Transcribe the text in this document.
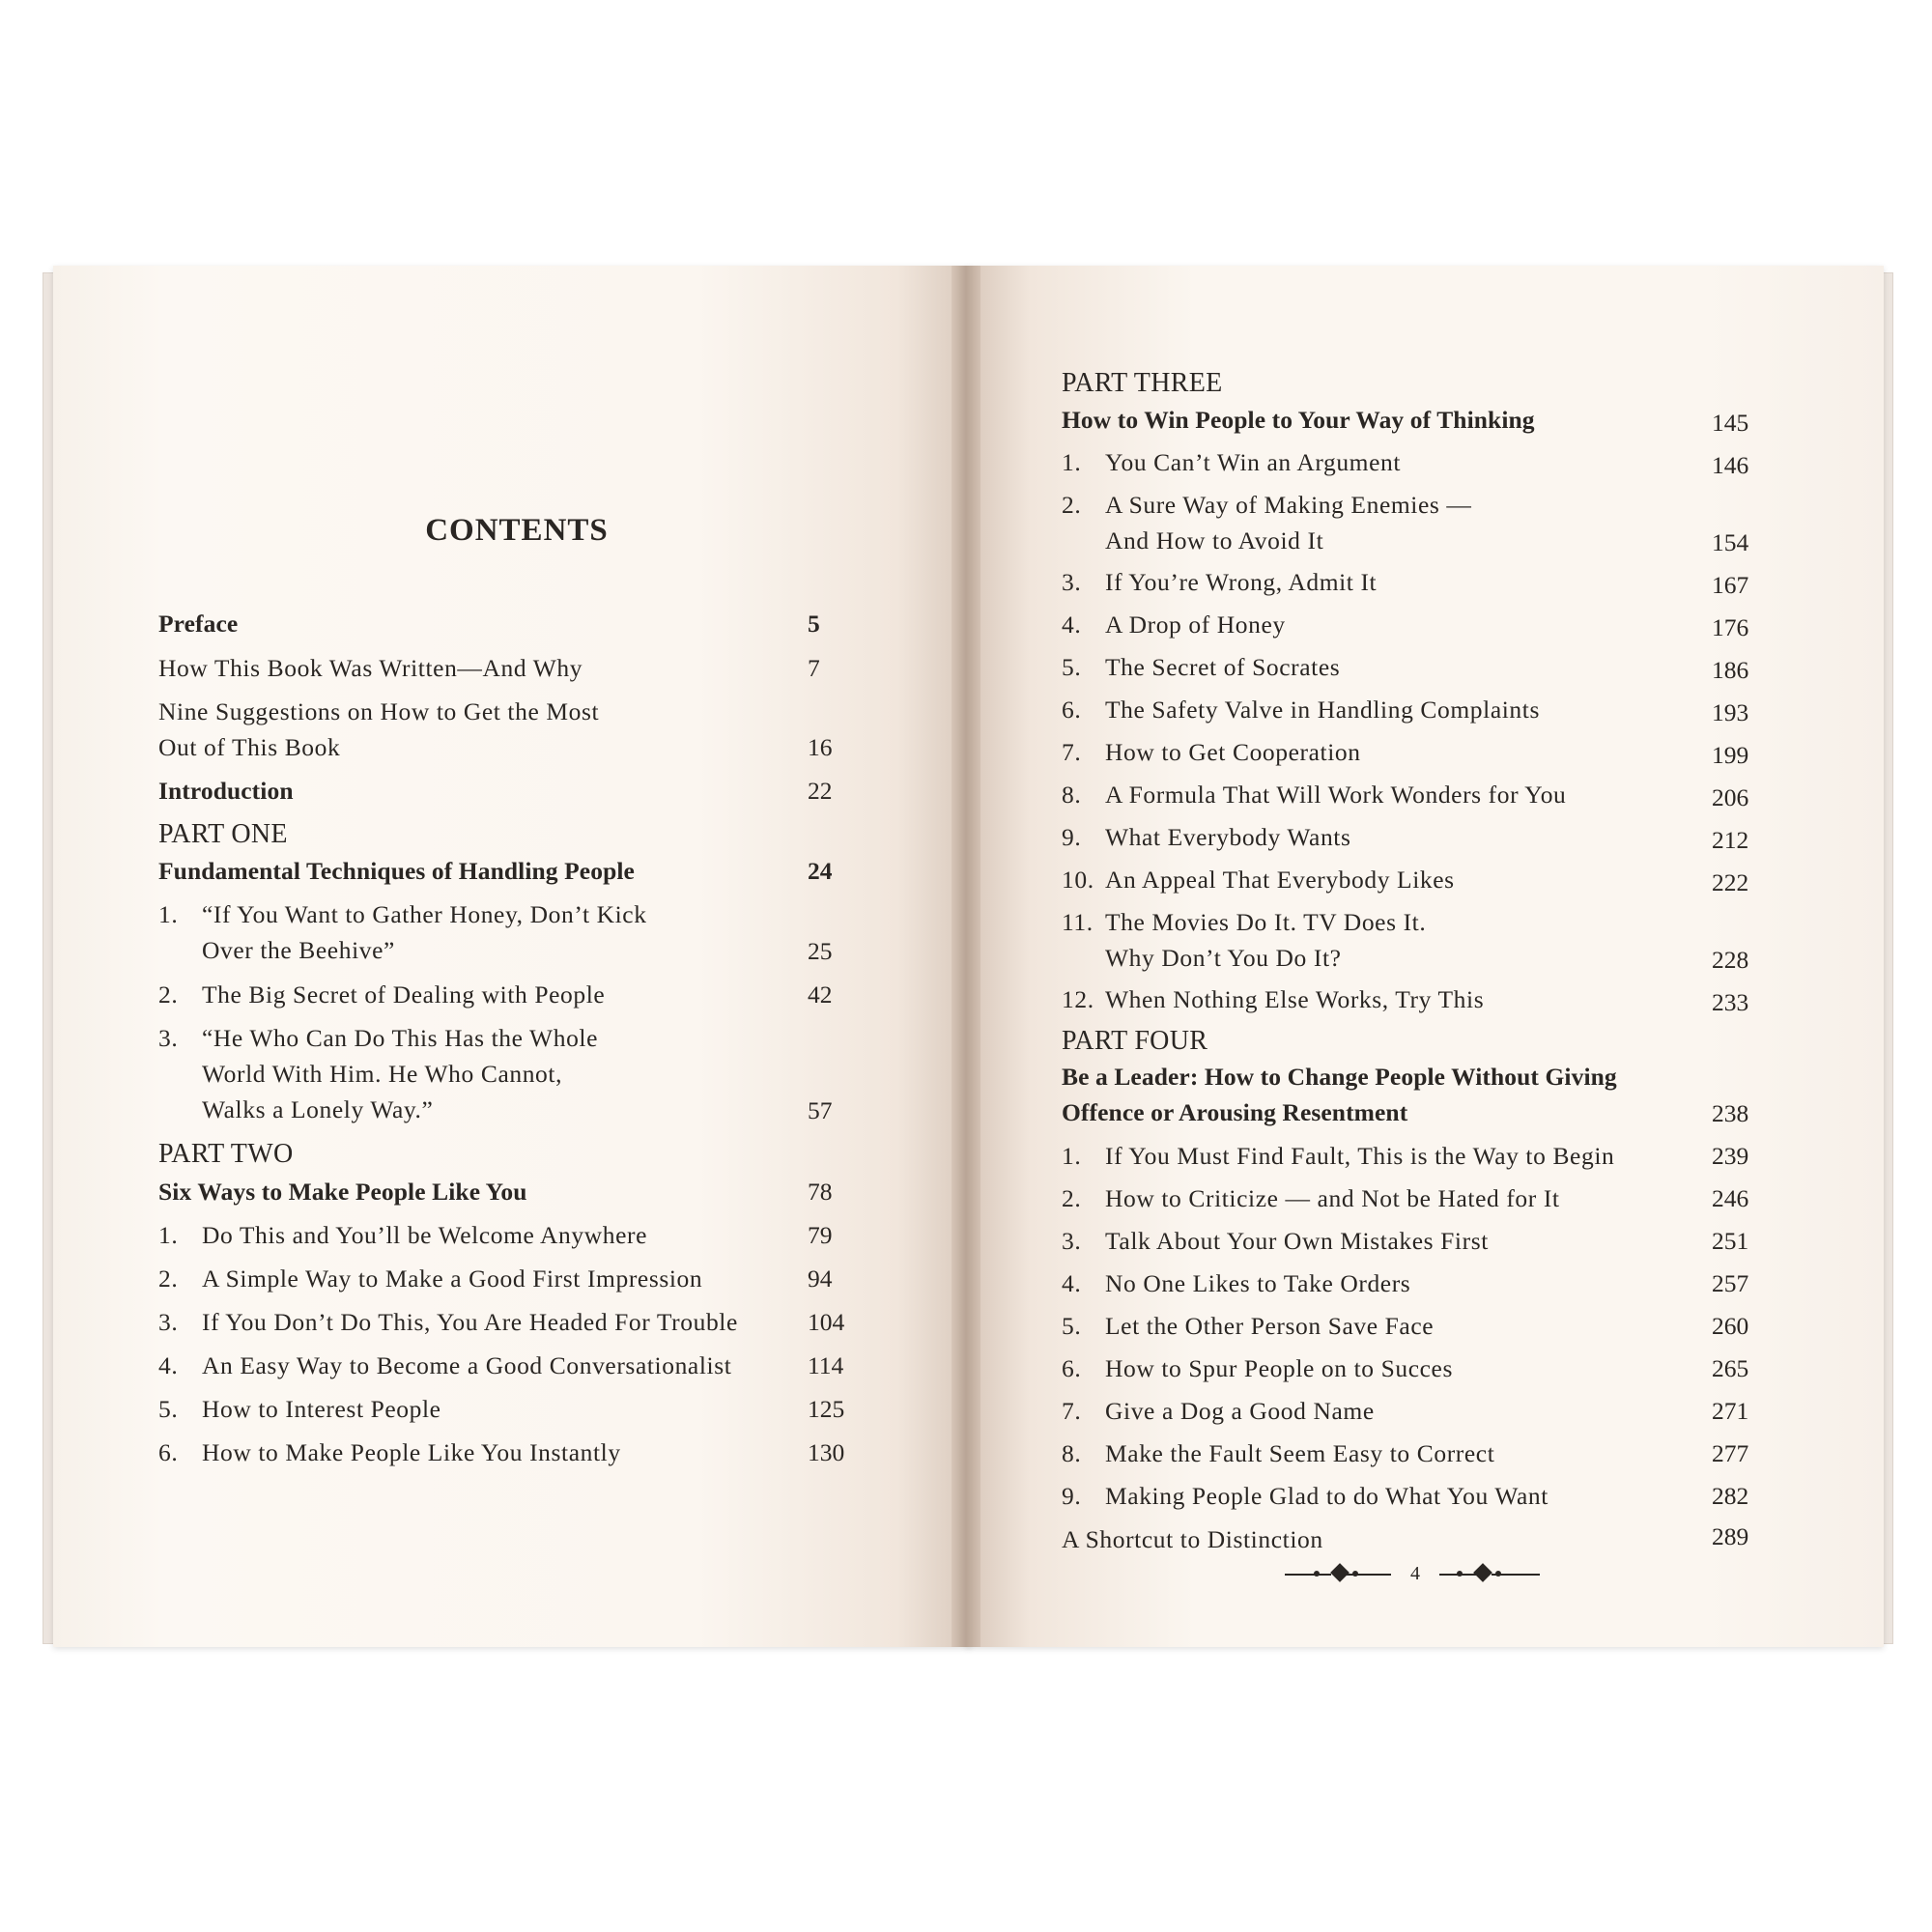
CONTENTS
Preface	5
How This Book Was Written—And Why	7
Nine Suggestions on How to Get the Most
Out of This Book	16
Introduction	22
PART ONE
Fundamental Techniques of Handling People	24
1. “If You Want to Gather Honey, Don’t Kick
Over the Beehive”	25
2. The Big Secret of Dealing with People	42
3. “He Who Can Do This Has the Whole
World With Him. He Who Cannot,
Walks a Lonely Way.”	57
PART TWO
Six Ways to Make People Like You	78
1. Do This and You’ll be Welcome Anywhere	79
2. A Simple Way to Make a Good First Impression	94
3. If You Don’t Do This, You Are Headed For Trouble	104
4. An Easy Way to Become a Good Conversationalist	114
5. How to Interest People	125
6. How to Make People Like You Instantly	130
PART THREE
How to Win People to Your Way of Thinking	145
1. You Can’t Win an Argument	146
2. A Sure Way of Making Enemies —
And How to Avoid It	154
3. If You’re Wrong, Admit It	167
4. A Drop of Honey	176
5. The Secret of Socrates	186
6. The Safety Valve in Handling Complaints	193
7. How to Get Cooperation	199
8. A Formula That Will Work Wonders for You	206
9. What Everybody Wants	212
10. An Appeal That Everybody Likes	222
11. The Movies Do It. TV Does It.
Why Don’t You Do It?	228
12. When Nothing Else Works, Try This	233
PART FOUR
Be a Leader: How to Change People Without Giving
Offence or Arousing Resentment	238
1. If You Must Find Fault, This is the Way to Begin	239
2. How to Criticize — and Not be Hated for It	246
3. Talk About Your Own Mistakes First	251
4. No One Likes to Take Orders	257
5. Let the Other Person Save Face	260
6. How to Spur People on to Succes	265
7. Give a Dog a Good Name	271
8. Make the Fault Seem Easy to Correct	277
9. Making People Glad to do What You Want	282
A Shortcut to Distinction	289
4
